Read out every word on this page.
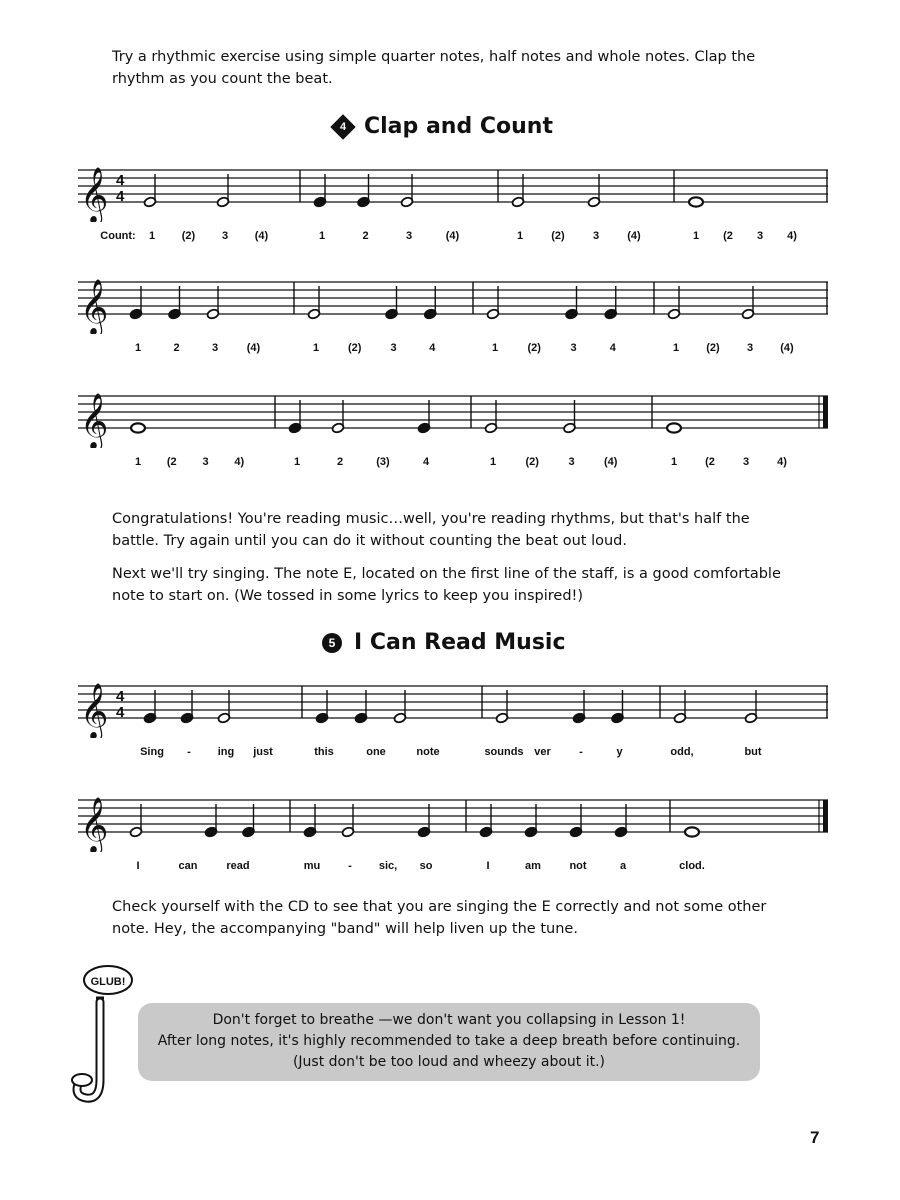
Try a rhythmic exercise using simple quarter notes, half notes and whole notes. Clap the rhythm as you count the beat.
4 Clap and Count
𝄞 4
4
1 (2) 3 (4)	1	2	3	(4)	1	(2)	3	(4)	1 (2 3 4)
Count:
𝄞
1	2	3	(4)	1	(2)	3	4	1	(2)	3	4	1 (2) 3 (4)
𝄞
1 (2 3 4)	1	2	(3)	4	1	(2)	3	(4)	1	(2	3	4)
Congratulations! You're reading music…well, you're reading rhythms, but that's half the battle. Try again until you can do it without counting the beat out loud.
Next we'll try singing. The note E, located on the first line of the staff, is a good comfortable note to start on. (We tossed in some lyrics to keep you inspired!)
5 I Can Read Music
𝄞 4
4
Sing - ing just	this	one	note	sounds ver	-	y	odd,	but
𝄞
I	can	read	mu	- sic, so	I	am	not	a	clod.
Check yourself with the CD to see that you are singing the E correctly and not some other note. Hey, the accompanying "band" will help liven up the tune.
GLUB!
Don't forget to breathe —we don't want you collapsing in Lesson 1!
After long notes, it's highly recommended to take a deep breath before continuing.
(Just don't be too loud and wheezy about it.)
7
